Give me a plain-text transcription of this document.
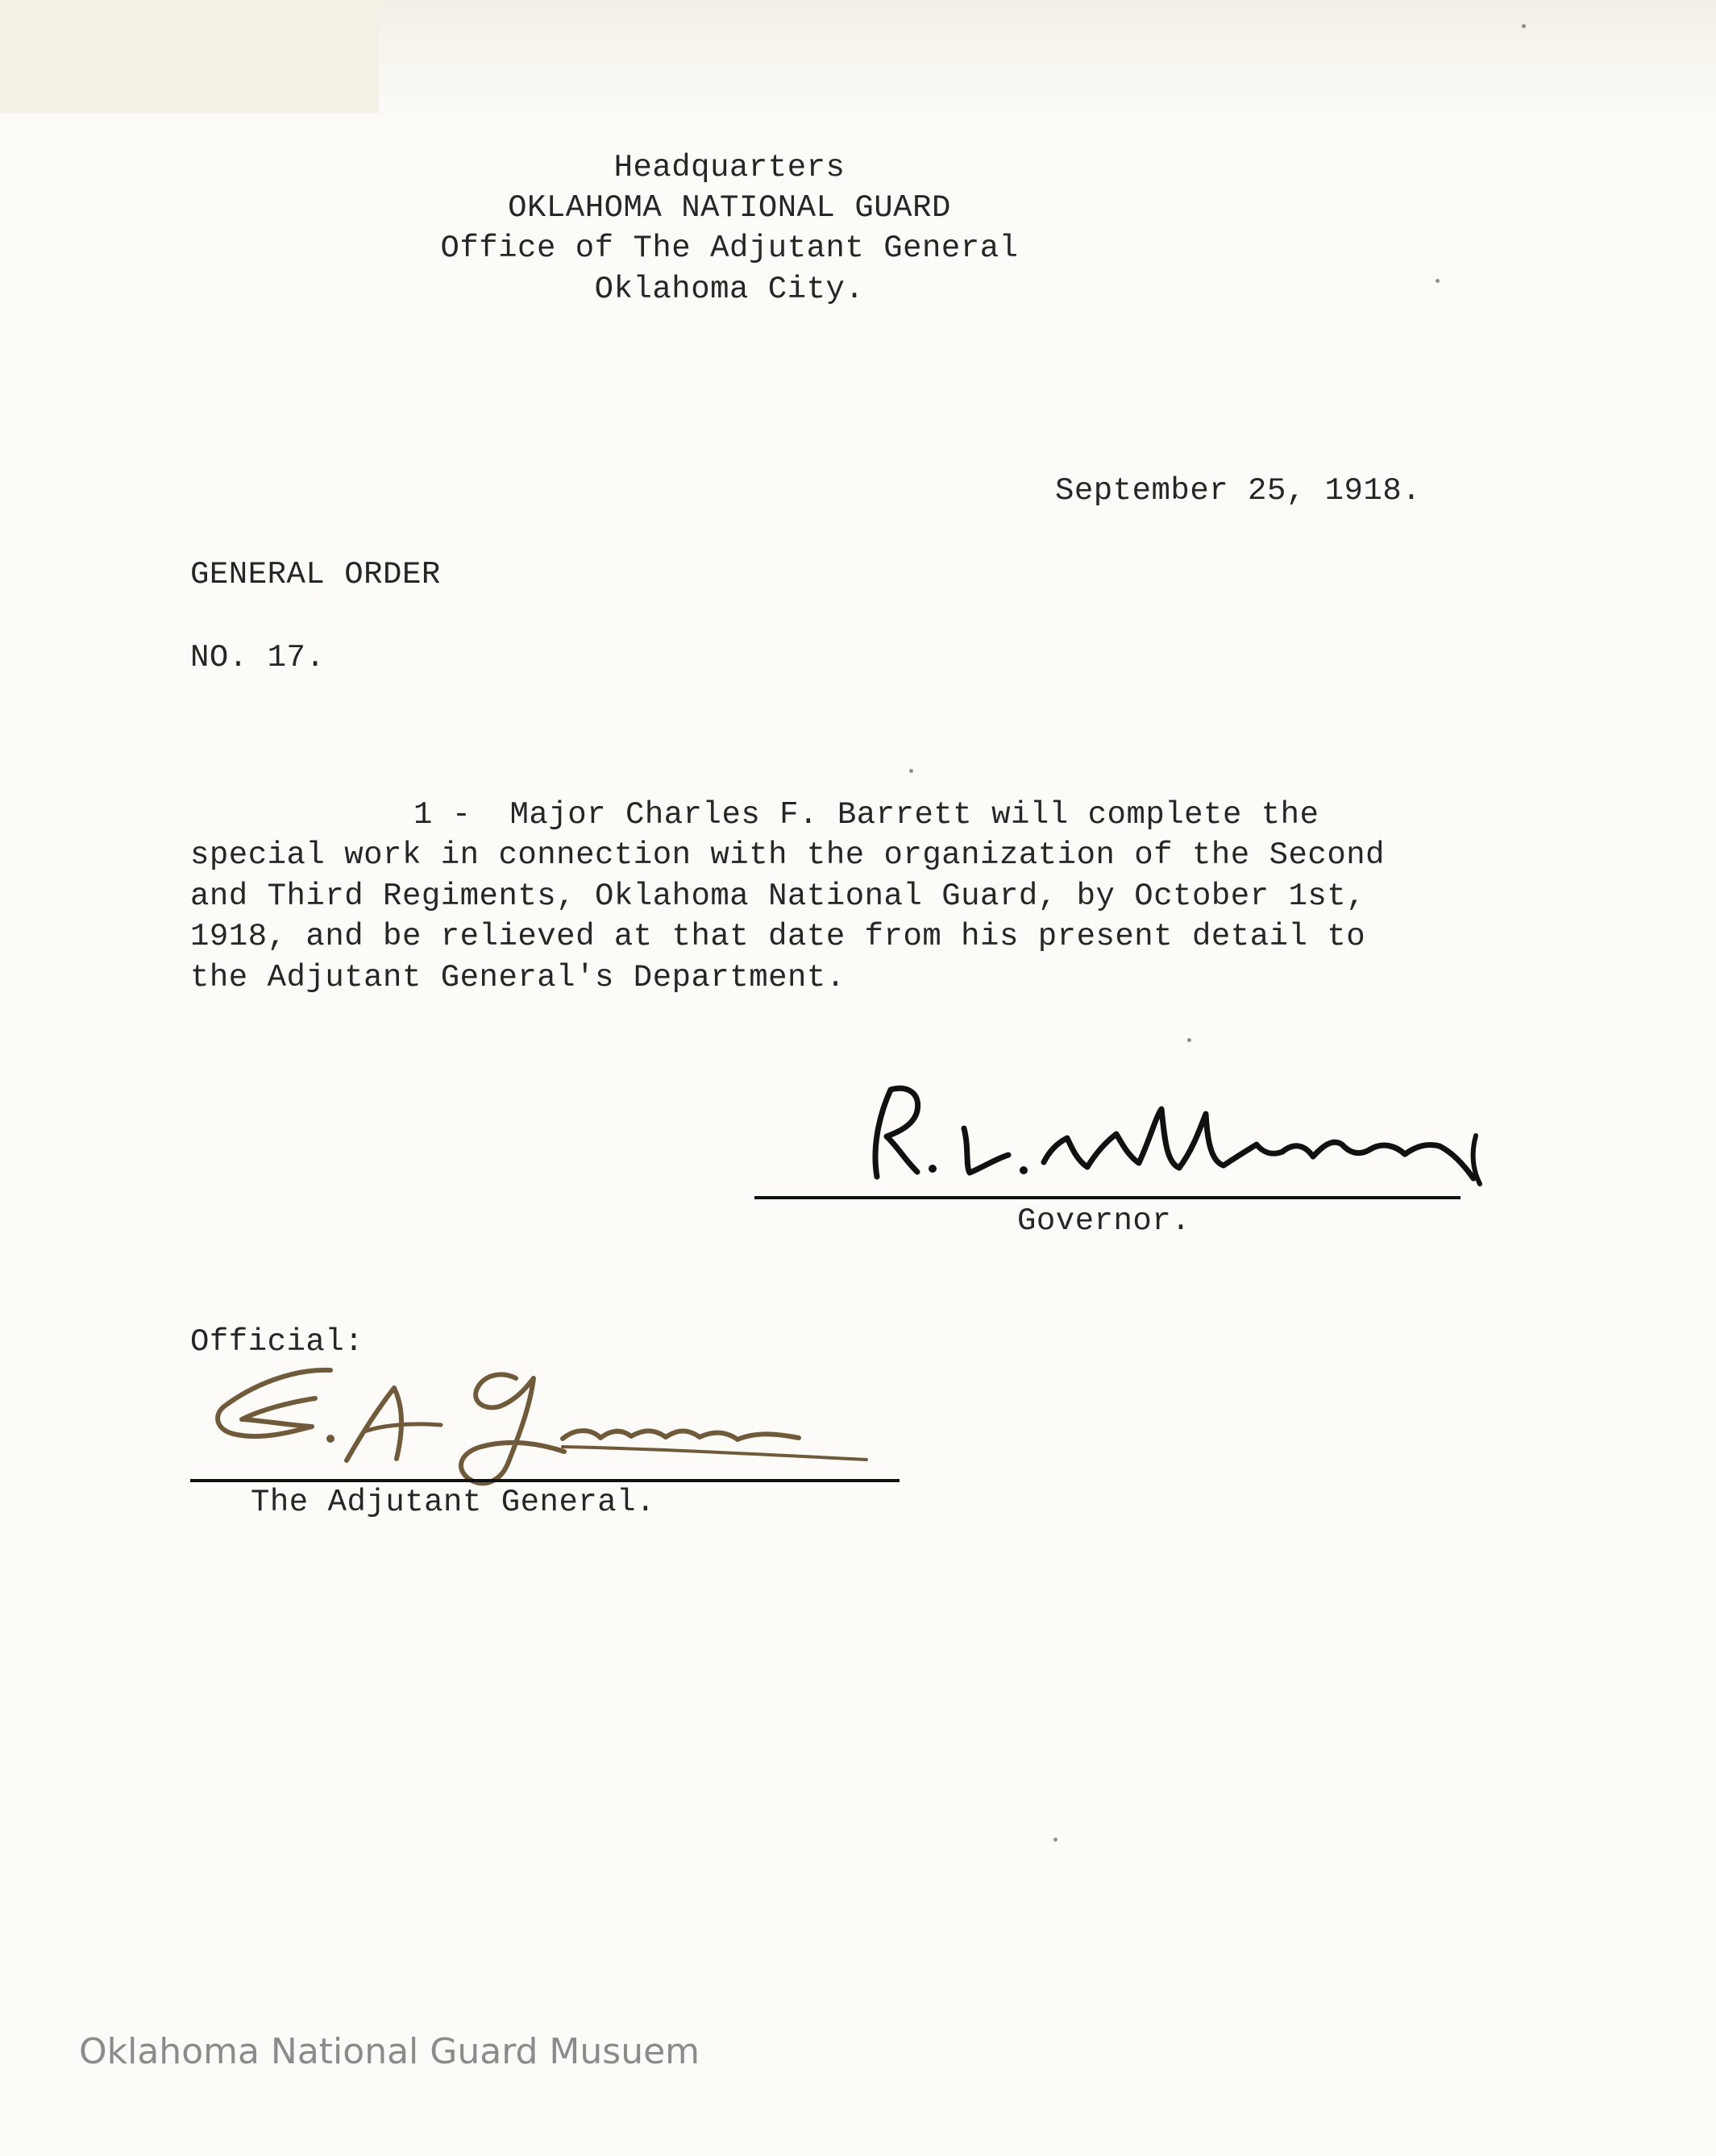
Headquarters
OKLAHOMA NATIONAL GUARD
Office of The Adjutant General
Oklahoma City.
September 25, 1918.
GENERAL ORDER
NO. 17.
1 -  Major Charles F. Barrett will complete the
special work in connection with the organization of the Second
and Third Regiments, Oklahoma National Guard, by October 1st,
1918, and be relieved at that date from his present detail to
the Adjutant General's Department.
Governor.
Official:
The Adjutant General.
Oklahoma National Guard Musuem
